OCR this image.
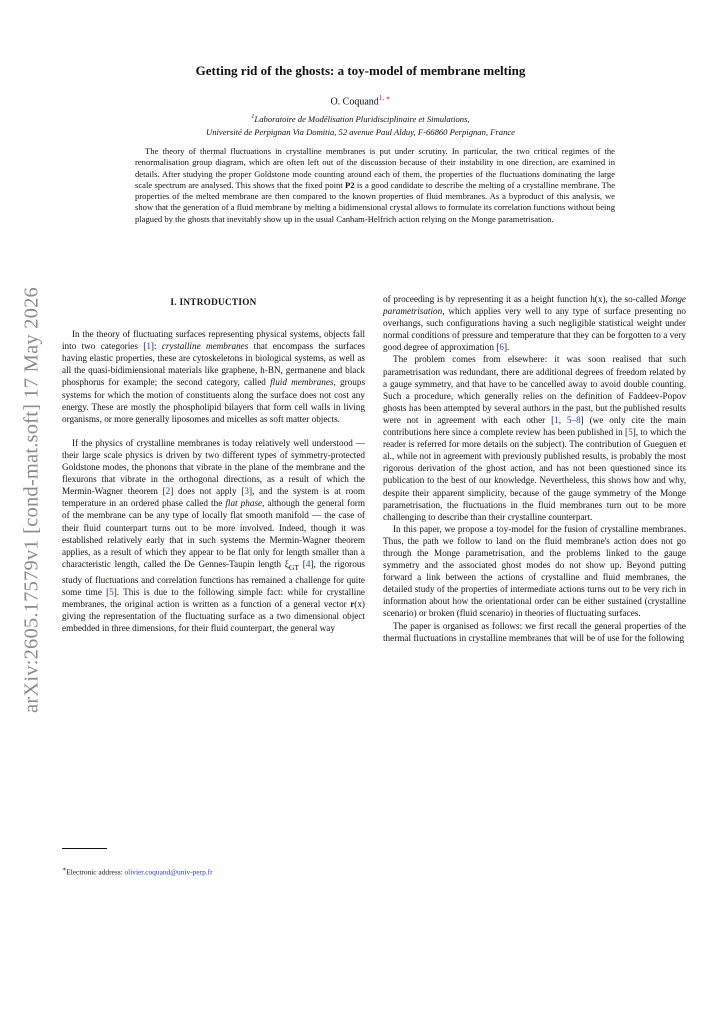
arXiv:2605.17579v1 [cond-mat.soft] 17 May 2026
Getting rid of the ghosts: a toy-model of membrane melting
O. Coquand$^{1, ∗}$
$^1$Laboratoire de Modélisation Pluridisciplinaire et Simulations,
Université de Perpignan Via Domitia, 52 avenue Paul Alduy, F-66860 Perpignan, France
The theory of thermal fluctuations in crystalline membranes is put under scrutiny. In particular, the two critical regimes of the renormalisation group diagram, which are often left out of the discussion because of their instability in one direction, are examined in details. After studying the proper Goldstone mode counting around each of them, the properties of the fluctuations dominating the large scale spectrum are analysed. This shows that the fixed point P2 is a good candidate to describe the melting of a crystalline membrane. The properties of the melted membrane are then compared to the known properties of fluid membranes. As a byproduct of this analysis, we show that the generation of a fluid membrane by melting a bidimensional crystal allows to formulate its correlation functions without being plagued by the ghosts that inevitably show up in the usual Canham-Helfrich action relying on the Monge parametrisation.
I. INTRODUCTION

In the theory of fluctuating surfaces representing physical systems, objects fall into two categories [1]: crystalline membranes that encompass the surfaces having elastic properties, these are cytoskeletons in biological systems, as well as all the quasi-bidimiensional materials like graphene, h-BN, germanene and black phosphorus for example; the second category, called fluid membranes, groups systems for which the motion of constituents along the surface does not cost any energy. These are mostly the phospholipid bilayers that form cell walls in living organisms, or more generally liposomes and micelles as soft matter objects.

If the physics of crystalline membranes is today relatively well understood — their large scale physics is driven by two different types of symmetry-protected Goldstone modes, the phonons that vibrate in the plane of the membrane and the flexurons that vibrate in the orthogonal directions, as a result of which the Mermin-Wagner theorem [2] does not apply [3], and the system is at room temperature in an ordered phase called the flat phase, although the general form of the membrane can be any type of locally flat smooth manifold — the case of their fluid counterpart turns out to be more involved. Indeed, though it was established relatively early that in such systems the Mermin-Wagner theorem applies, as a result of which they appear to be flat only for length smaller than a characteristic length, called the De Gennes-Taupin length $\xi_{GT}$ [4], the rigorous study of fluctuations and correlation functions has remained a challenge for quite some time [5]. This is due to the following simple fact: while for crystalline membranes, the original action is written as a function of a general vector r(x) giving the representation of the fluctuating surface as a two dimensional object embedded in three dimensions, for their fluid counterpart, the general way

of proceeding is by representing it as a height function h(x), the so-called Monge parametrisation, which applies very well to any type of surface presenting no overhangs, such configurations having a such negligible statistical weight under normal conditions of pressure and temperature that they can be forgotten to a very good degree of approximation [6].

The problem comes from elsewhere: it was soon realised that such parametrisation was redundant, there are additional degrees of freedom related by a gauge symmetry, and that have to be cancelled away to avoid double counting. Such a procedure, which generally relies on the definition of Faddeev-Popov ghosts has been attempted by several authors in the past, but the published results were not in agreement with each other [1, 5–8] (we only cite the main contributions here since a complete review has been published in [5], to which the reader is referred for more details on the subject). The contribution of Gueguen et al., while not in agreement with previously published results, is probably the most rigorous derivation of the ghost action, and has not been questioned since its publication to the best of our knowledge. Nevertheless, this shows how and why, despite their apparent simplicity, because of the gauge symmetry of the Monge parametrisation, the fluctuations in the fluid membranes turn out to be more challenging to describe than their crystalline counterpart.

In this paper, we propose a toy-model for the fusion of crystalline membranes. Thus, the path we follow to land on the fluid membrane's action does not go through the Monge parametrisation, and the problems linked to the gauge symmetry and the associated ghost modes do not show up. Beyond putting forward a link between the actions of crystalline and fluid membranes, the detailed study of the properties of intermediate actions turns out to be very rich in information about how the orientational order can be either sustained (crystalline scenario) or broken (fluid scenario) in theories of fluctuating surfaces.

The paper is organised as follows: we first recall the general properties of the thermal fluctuations in crystalline membranes that will be of use for the following

∗Electronic address: olivier.coquand@univ-perp.fr
